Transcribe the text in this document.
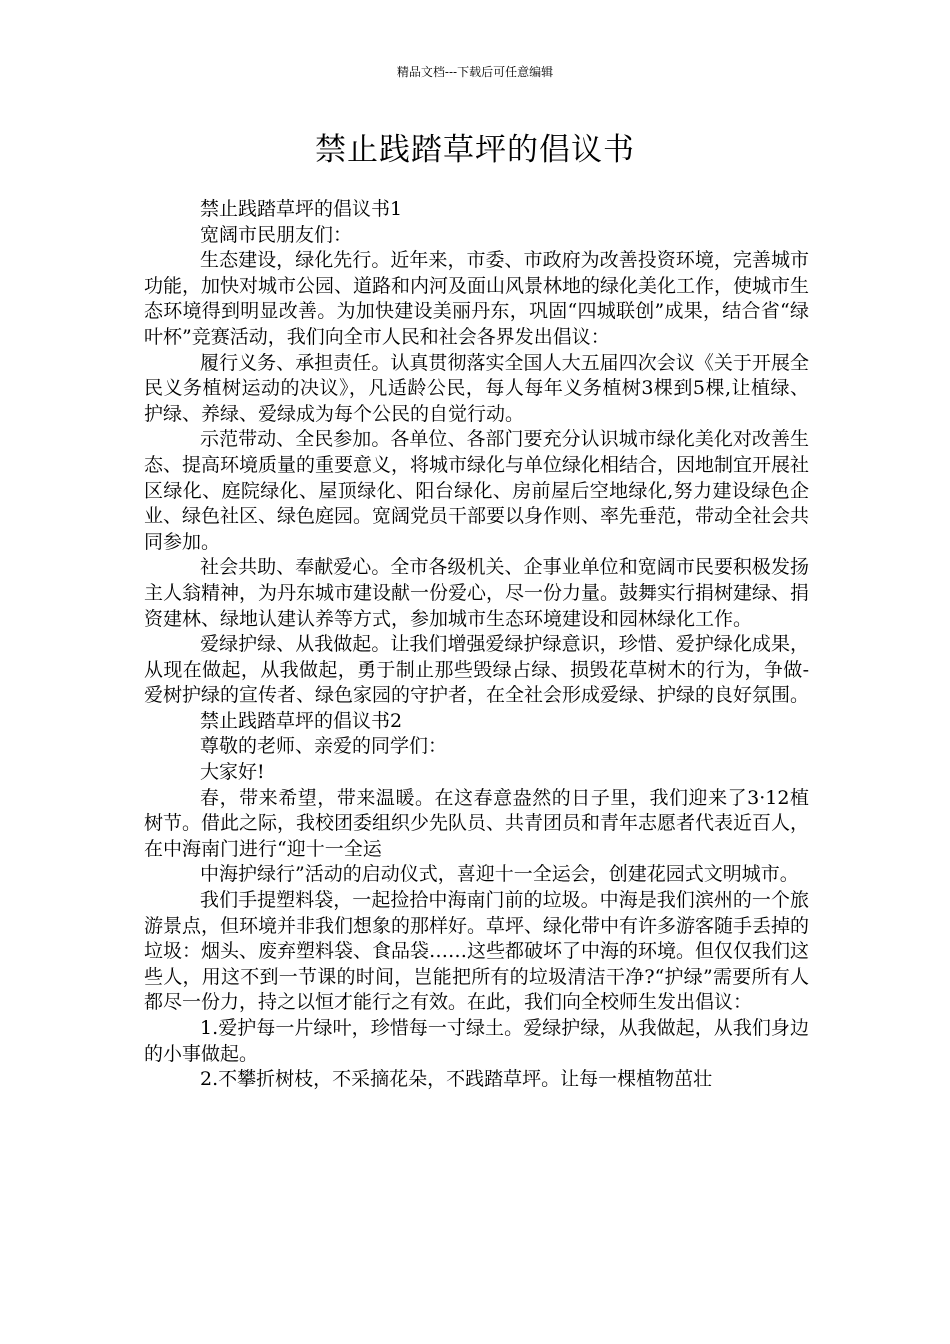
精品文档---下载后可任意编辑
禁止践踏草坪的倡议书

禁止践踏草坪的倡议书1

宽阔市民朋友们：

生态建设，绿化先行。近年来，市委、市政府为改善投资环境，完善城市功能，加快对城市公园、道路和内河及面山风景林地的绿化美化工作，使城市生态环境得到明显改善。为加快建设美丽丹东，巩固“四城联创”成果，结合省“绿叶杯”竞赛活动，我们向全市人民和社会各界发出倡议：

履行义务、承担责任。认真贯彻落实全国人大五届四次会议《关于开展全民义务植树运动的决议》，凡适龄公民，每人每年义务植树3棵到5棵,让植绿、护绿、养绿、爱绿成为每个公民的自觉行动。

示范带动、全民参加。各单位、各部门要充分认识城市绿化美化对改善生态、提高环境质量的重要意义，将城市绿化与单位绿化相结合，因地制宜开展社区绿化、庭院绿化、屋顶绿化、阳台绿化、房前屋后空地绿化,努力建设绿色企业、绿色社区、绿色庭园。宽阔党员干部要以身作则、率先垂范，带动全社会共同参加。

社会共助、奉献爱心。全市各级机关、企事业单位和宽阔市民要积极发扬主人翁精神，为丹东城市建设献一份爱心，尽一份力量。鼓舞实行捐树建绿、捐资建林、绿地认建认养等方式，参加城市生态环境建设和园林绿化工作。

爱绿护绿、从我做起。让我们增强爱绿护绿意识，珍惜、爱护绿化成果，从现在做起，从我做起，勇于制止那些毁绿占绿、损毁花草树木的行为，争做-爱树护绿的宣传者、绿色家园的守护者，在全社会形成爱绿、护绿的良好氛围。

禁止践踏草坪的倡议书2

尊敬的老师、亲爱的同学们：

大家好!

春，带来希望，带来温暖。在这春意盎然的日子里，我们迎来了3·12植树节。借此之际，我校团委组织少先队员、共青团员和青年志愿者代表近百人，在中海南门进行“迎十一全运

中海护绿行”活动的启动仪式，喜迎十一全运会，创建花园式文明城市。

我们手提塑料袋，一起捡拾中海南门前的垃圾。中海是我们滨州的一个旅游景点，但环境并非我们想象的那样好。草坪、绿化带中有许多游客随手丢掉的垃圾：烟头、废弃塑料袋、食品袋……这些都破坏了中海的环境。但仅仅我们这些人，用这不到一节课的时间，岂能把所有的垃圾清洁干净?“护绿”需要所有人都尽一份力，持之以恒才能行之有效。在此，我们向全校师生发出倡议：

1.爱护每一片绿叶，珍惜每一寸绿土。爱绿护绿，从我做起，从我们身边的小事做起。

2.不攀折树枝，不采摘花朵，不践踏草坪。让每一棵植物茁壮
